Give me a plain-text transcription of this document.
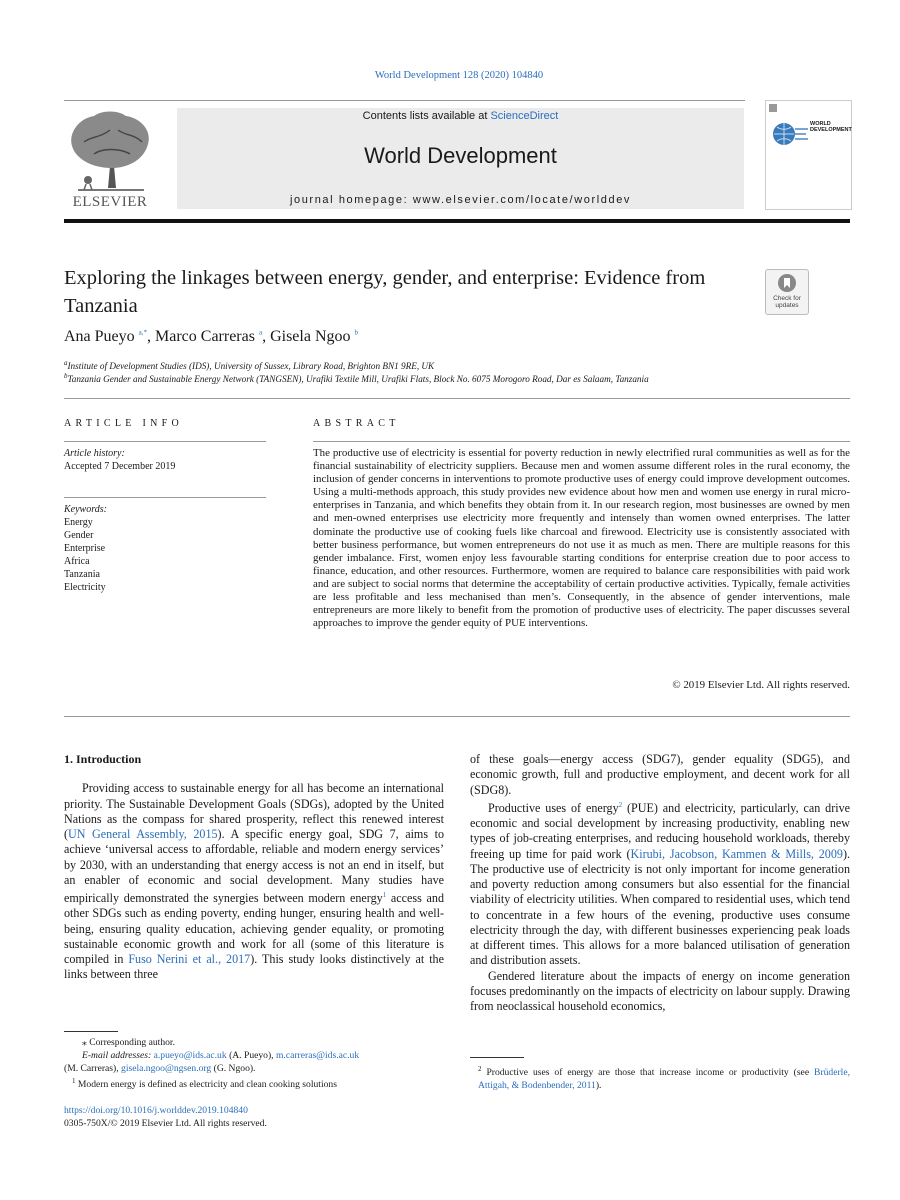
World Development 128 (2020) 104840
ELSEVIER
Contents lists available at ScienceDirect
World Development
journal homepage: www.elsevier.com/locate/worlddev
WORLD
DEVELOPMENT
Exploring the linkages between energy, gender, and enterprise: Evidence from Tanzania	Check for
updates
Ana Pueyo $^{a,*}$, Marco Carreras $^a$, Gisela Ngoo $^b$
$^a$Institute of Development Studies (IDS), University of Sussex, Library Road, Brighton BN1 9RE, UK
$^b$Tanzania Gender and Sustainable Energy Network (TANGSEN), Urafiki Textile Mill, Urafiki Flats, Block No. 6075 Morogoro Road, Dar es Salaam, Tanzania
ARTICLE INFO	ABSTRACT
Article history:
Accepted 7 December 2019
Keywords:
Energy
Gender
Enterprise
Africa
Tanzania
Electricity
The productive use of electricity is essential for poverty reduction in newly electrified rural communities as well as for the financial sustainability of electricity suppliers. Because men and women assume different roles in the rural economy, the inclusion of gender concerns in interventions to promote productive uses of energy could improve development outcomes. Using a multi-methods approach, this study provides new evidence about how men and women use energy in rural micro-enterprises in Tanzania, and which benefits they obtain from it. In our research region, most businesses are owned by men and men-owned enterprises use electricity more frequently and intensely than women owned enterprises. The latter dominate the productive use of cooking fuels like charcoal and firewood. Electricity use is consistently associated with better business performance, but women entrepreneurs do not use it as much as men. There are multiple reasons for this gender imbalance. First, women enjoy less favourable starting conditions for enterprise creation due to poor access to finance, education, and other resources. Furthermore, women are required to balance care responsibilities with paid work and are subject to social norms that determine the acceptability of certain productive activities. Typically, female activities are less profitable and less mechanised than men’s. Consequently, in the absence of gender interventions, male entrepreneurs are more likely to benefit from the promotion of productive uses of electricity. The paper discusses several approaches to improve the gender equity of PUE interventions.
© 2019 Elsevier Ltd. All rights reserved.
1. Introduction

Providing access to sustainable energy for all has become an international priority. The Sustainable Development Goals (SDGs), adopted by the United Nations as the compass for shared prosperity, reflect this renewed interest (UN General Assembly, 2015). A specific energy goal, SDG 7, aims to achieve ‘universal access to affordable, reliable and modern energy services’ by 2030, with an understanding that energy access is not an end in itself, but an enabler of economic and social development. Many studies have empirically demonstrated the synergies between modern energy$^1$ access and other SDGs such as ending poverty, ending hunger, ensuring health and well-being, ensuring quality education, achieving gender equality, or promoting sustainable economic growth and work for all (some of this literature is compiled in Fuso Nerini et al., 2017). This study looks distinctively at the links between three

of these goals—energy access (SDG7), gender equality (SDG5), and economic growth, full and productive employment, and decent work for all (SDG8).

Productive uses of energy$^2$ (PUE) and electricity, particularly, can drive economic and social development by increasing productivity, enabling new types of job-creating enterprises, and reducing household workloads, thereby freeing up time for paid work (Kirubi, Jacobson, Kammen & Mills, 2009). The productive use of electricity is not only important for income generation and poverty reduction among consumers but also essential for the financial viability of electricity utilities. When compared to residential uses, which tend to concentrate in a few hours of the evening, productive uses consume electricity through the day, with different businesses experiencing peak loads at different times. This allows for a more balanced utilisation of generation and distribution assets.

Gendered literature about the impacts of energy on income generation focuses predominantly on the impacts of electricity on labour supply. Drawing from neoclassical household economics,

⁎ Corresponding author.
E-mail addresses: a.pueyo@ids.ac.uk (A. Pueyo), m.carreras@ids.ac.uk
(M. Carreras), gisela.ngoo@ngsen.org (G. Ngoo).
$^1$ Modern energy is defined as electricity and clean cooking solutions
$^2$ Productive uses of energy are those that increase income or productivity (see Brüderle, Attigah, & Bodenbender, 2011).
https://doi.org/10.1016/j.worlddev.2019.104840
0305-750X/© 2019 Elsevier Ltd. All rights reserved.
